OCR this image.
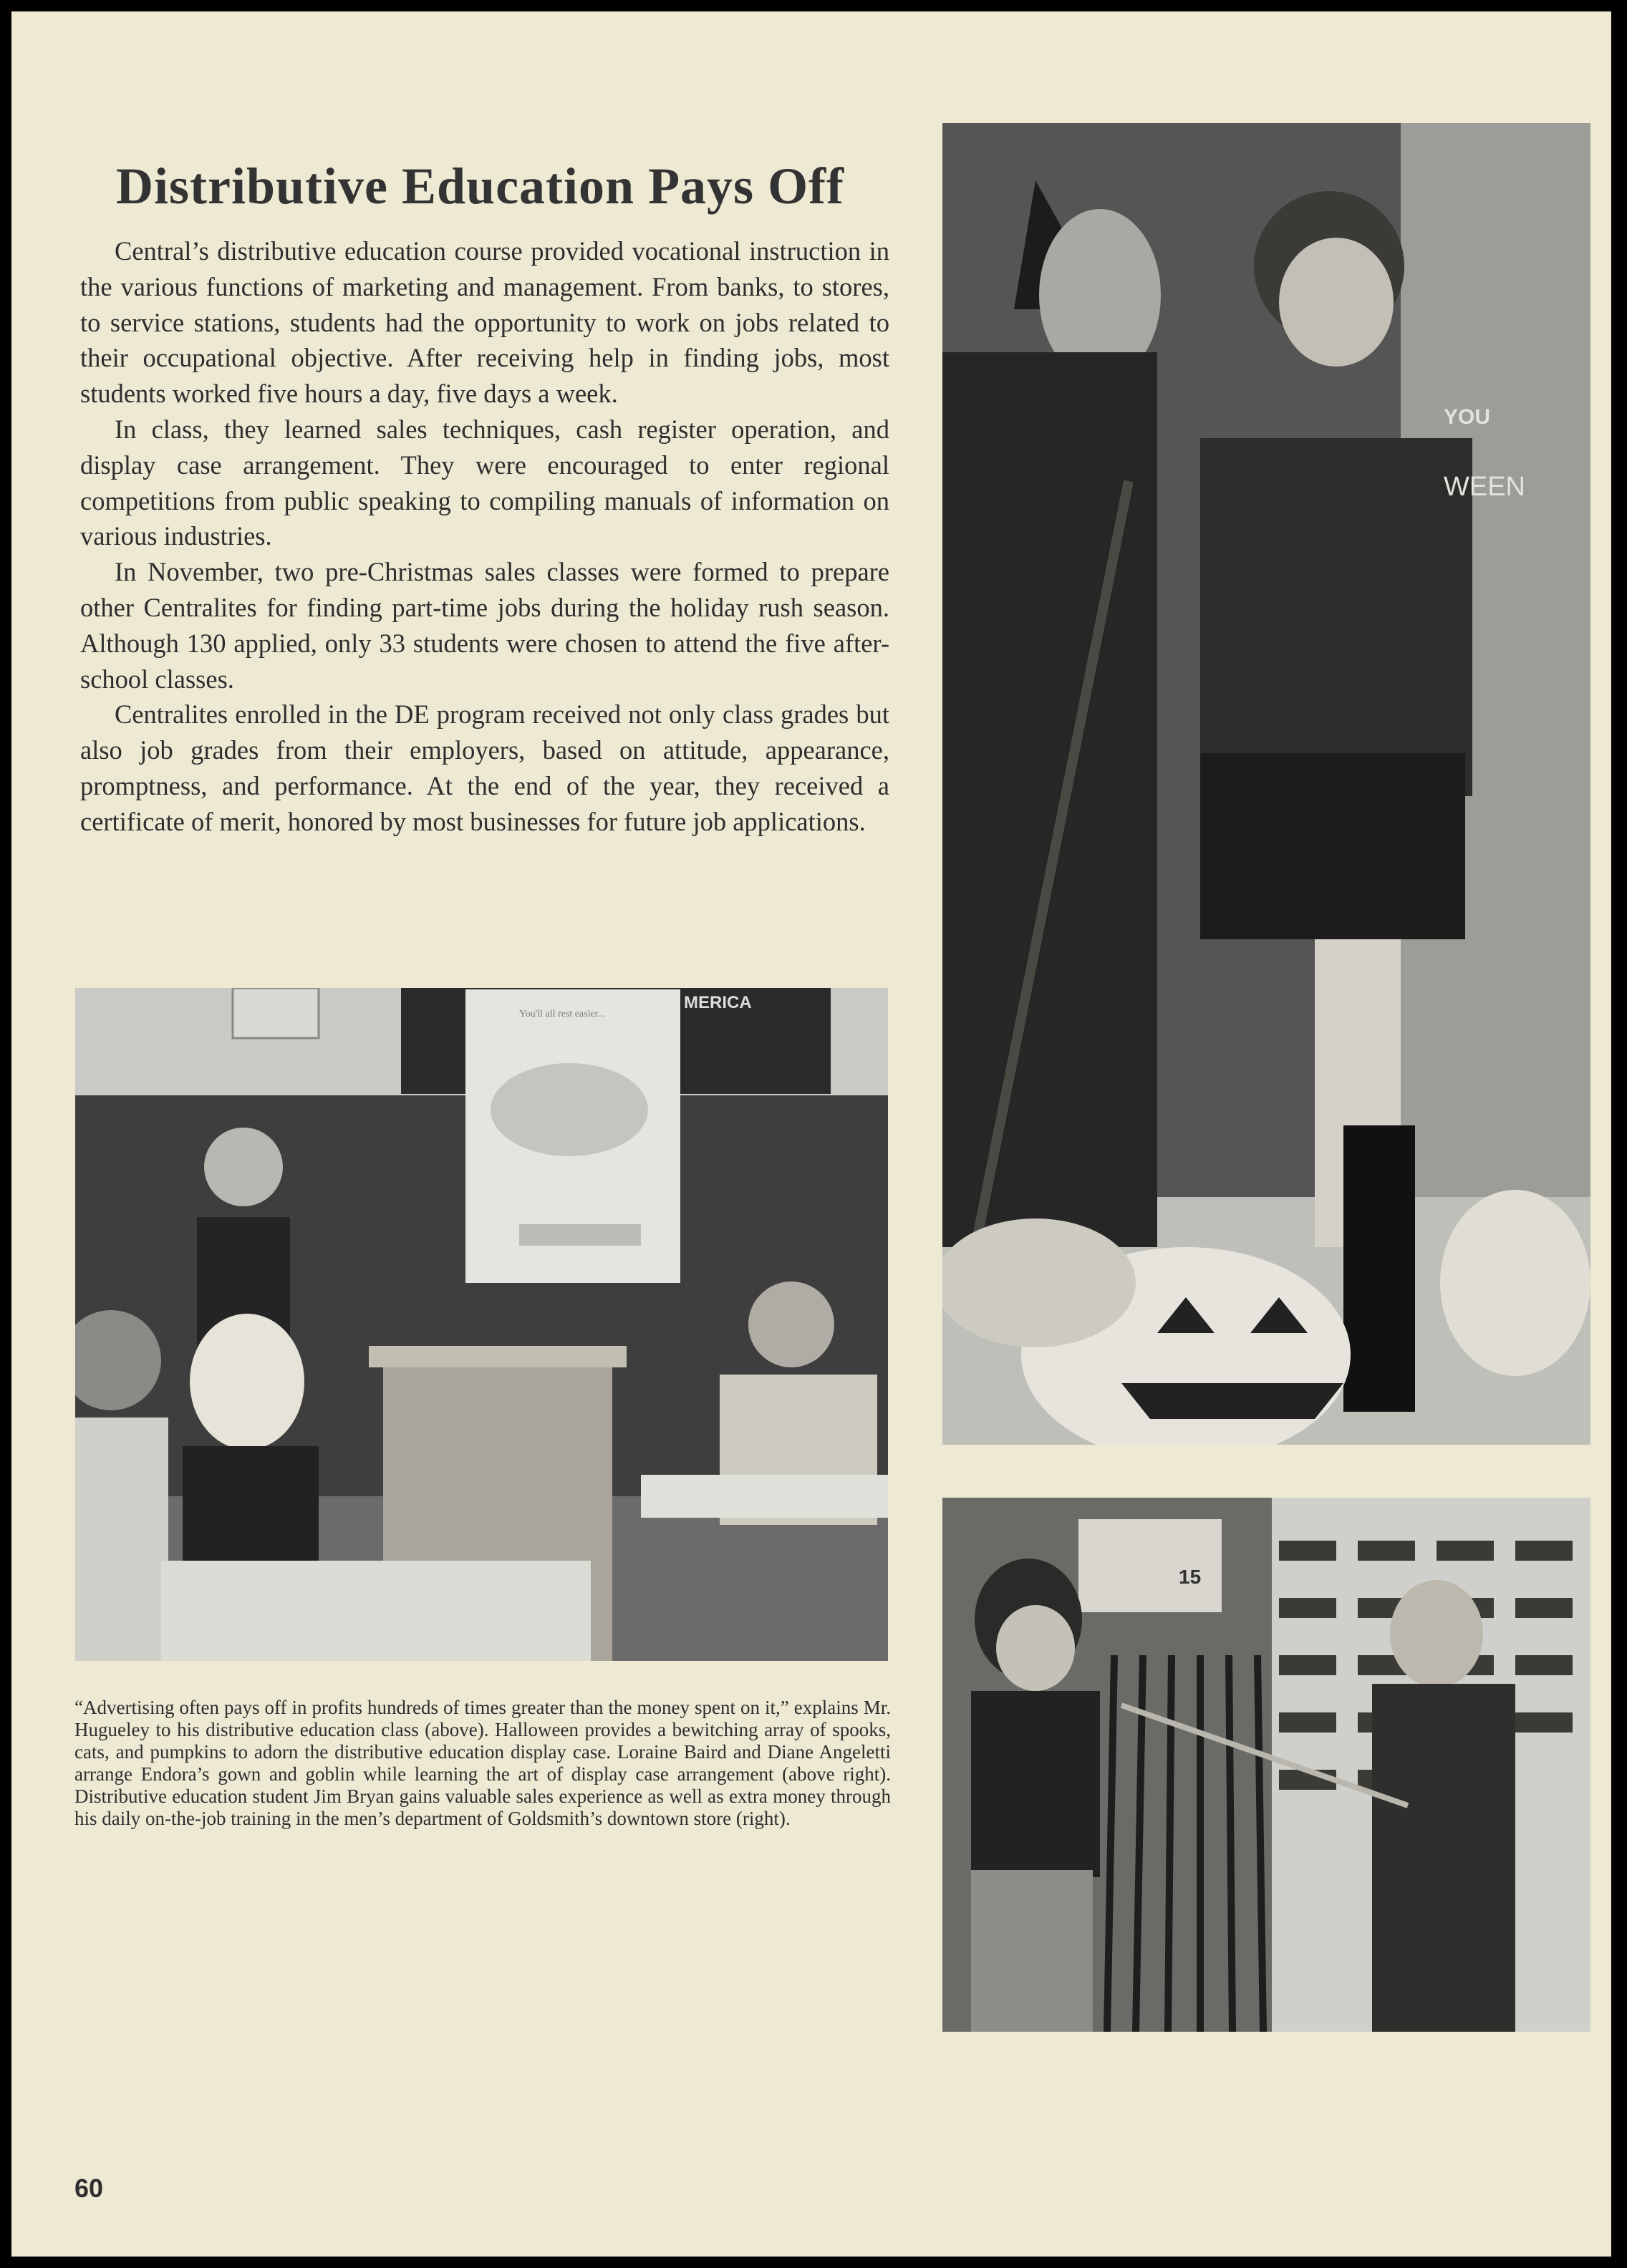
Distributive Education Pays Off

Central’s distributive education course provided vocational instruction in the various functions of marketing and management. From banks, to stores, to service stations, students had the opportunity to work on jobs related to their occupational objective. After receiving help in finding jobs, most students worked five hours a day, five days a week.

In class, they learned sales techniques, cash register operation, and display case arrangement. They were encouraged to enter regional competitions from public speaking to compiling manuals of information on various industries.

In November, two pre-Christmas sales classes were formed to prepare other Centralites for finding part-time jobs during the holiday rush season. Although 130 applied, only 33 students were chosen to attend the five after-school classes.

Centralites enrolled in the DE program received not only class grades but also job grades from their employers, based on attitude, appearance, promptness, and performance. At the end of the year, they received a certificate of merit, honored by most businesses for future job applications.

MERICA
You'll all rest easier...
YOU
WEEN
15
“Advertising often pays off in profits hundreds of times greater than the money spent on it,” explains Mr. Hugueley to his distributive education class (above). Halloween provides a bewitching array of spooks, cats, and pumpkins to adorn the distributive education display case. Loraine Baird and Diane Angeletti arrange Endora’s gown and goblin while learning the art of display case arrangement (above right). Distributive education student Jim Bryan gains valuable sales experience as well as extra money through his daily on-the-job training in the men’s department of Goldsmith’s downtown store (right).
60
